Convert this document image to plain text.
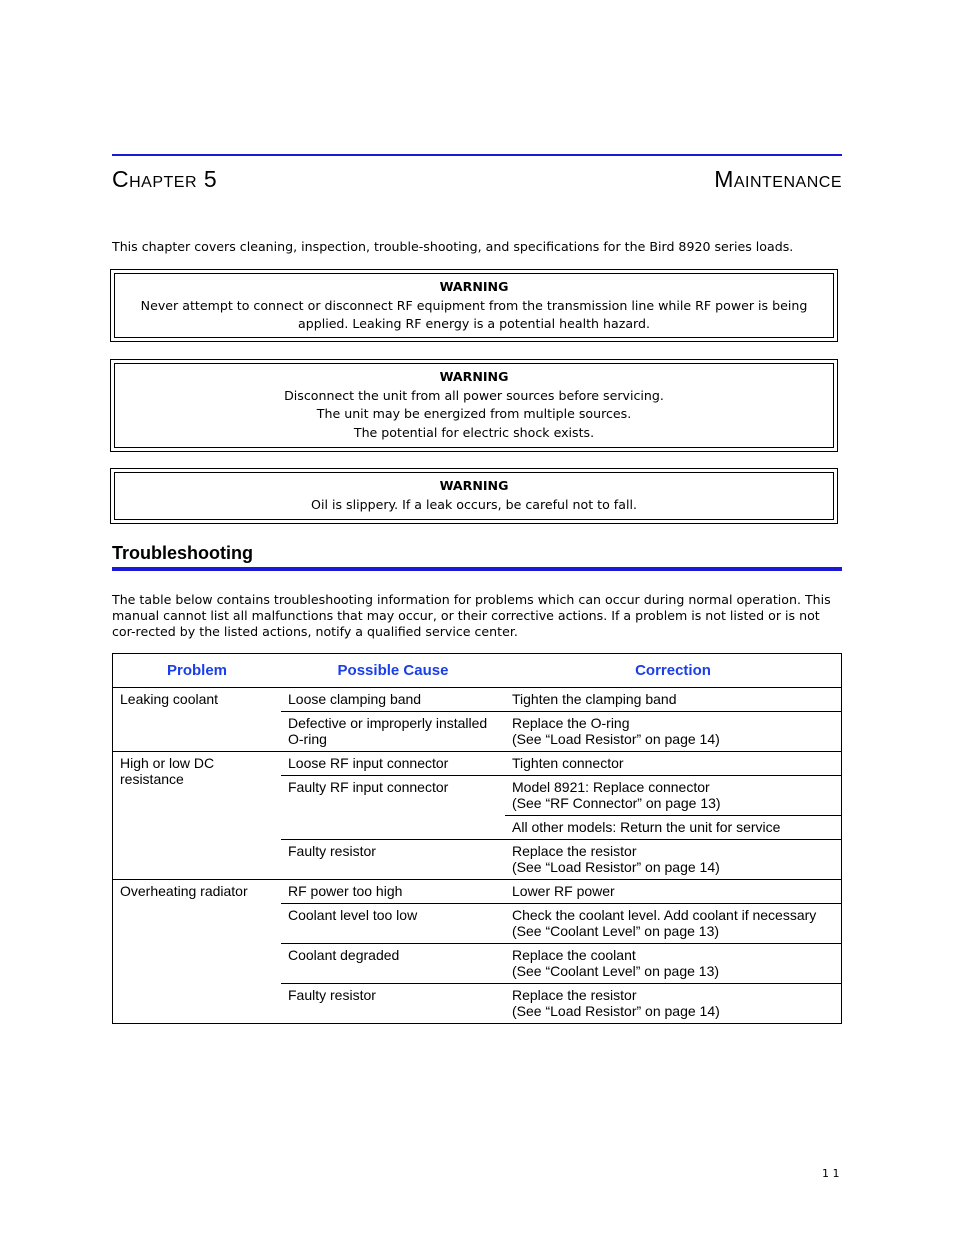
Chapter 5	Maintenance
This chapter covers cleaning, inspection, trouble-shooting, and specifications for the Bird 8920 series loads.
WARNING
Never attempt to connect or disconnect RF equipment from the transmission line while RF power is being
applied. Leaking RF energy is a potential health hazard.
WARNING
Disconnect the unit from all power sources before servicing.
The unit may be energized from multiple sources.
The potential for electric shock exists.
WARNING
Oil is slippery. If a leak occurs, be careful not to fall.
Troubleshooting
The table below contains troubleshooting information for problems which can occur during normal operation. This manual cannot list all malfunctions that may occur, or their corrective actions. If a problem is not listed or is not cor-rected by the listed actions, notify a qualified service center.
Problem	Possible Cause	Correction
Leaking coolant	Loose clamping band	Tighten the clamping band
	Defective or improperly installed O-ring	Replace the O-ring
(See “Load Resistor” on page 14)
High or low DC resistance	Loose RF input connector	Tighten connector
	Faulty RF input connector	Model 8921: Replace connector
(See “RF Connector” on page 13)
		All other models: Return the unit for service
	Faulty resistor	Replace the resistor
(See “Load Resistor” on page 14)
Overheating radiator	RF power too high	Lower RF power
	Coolant level too low	Check the coolant level. Add coolant if necessary
(See “Coolant Level” on page 13)
	Coolant degraded	Replace the coolant
(See “Coolant Level” on page 13)
	Faulty resistor	Replace the resistor
(See “Load Resistor” on page 14)
1 1
